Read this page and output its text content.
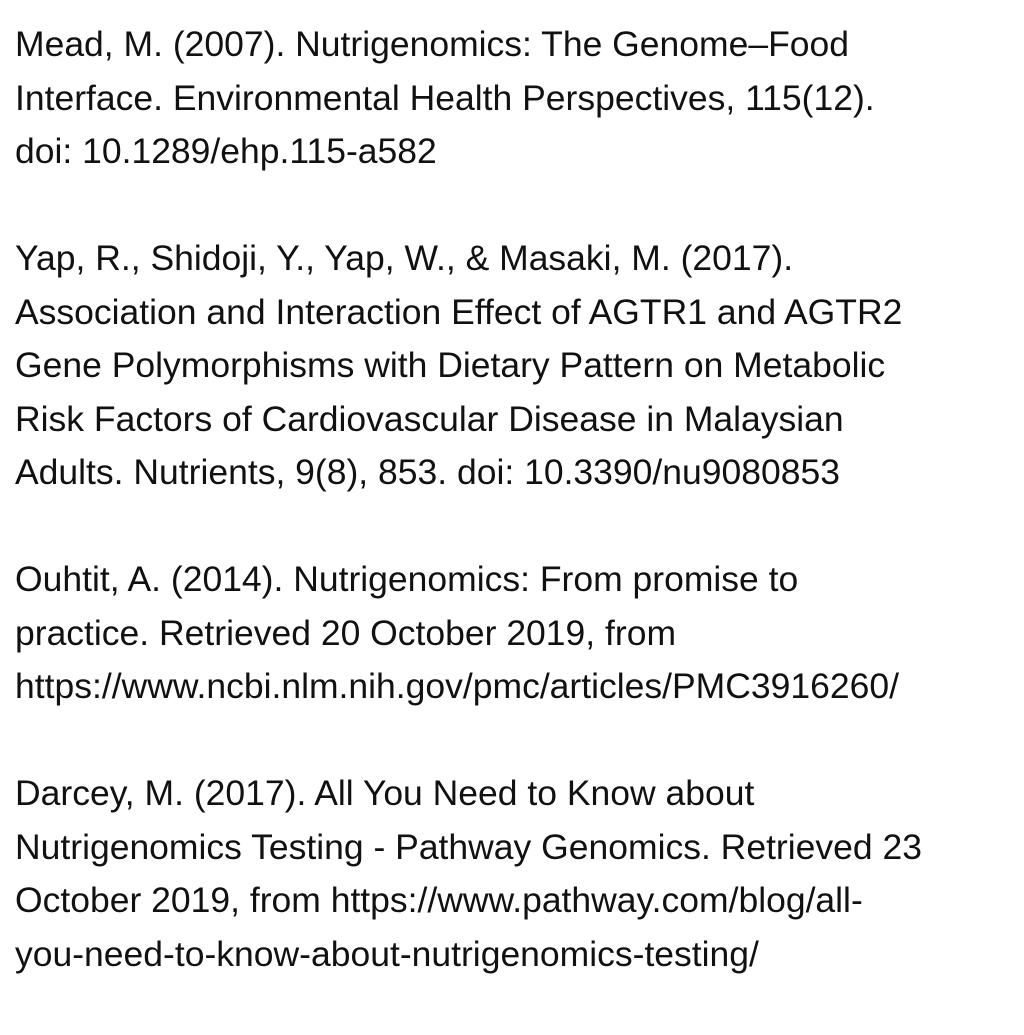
Mead, M. (2007). Nutrigenomics: The Genome–Food
Interface. Environmental Health Perspectives, 115(12).
doi: 10.1289/ehp.115-a582
Yap, R., Shidoji, Y., Yap, W., & Masaki, M. (2017).
Association and Interaction Effect of AGTR1 and AGTR2
Gene Polymorphisms with Dietary Pattern on Metabolic
Risk Factors of Cardiovascular Disease in Malaysian
Adults. Nutrients, 9(8), 853. doi: 10.3390/nu9080853
Ouhtit, A. (2014). Nutrigenomics: From promise to
practice. Retrieved 20 October 2019, from
https://www.ncbi.nlm.nih.gov/pmc/articles/PMC3916260/
Darcey, M. (2017). All You Need to Know about
Nutrigenomics Testing - Pathway Genomics. Retrieved 23
October 2019, from https://www.pathway.com/blog/all-
you-need-to-know-about-nutrigenomics-testing/
